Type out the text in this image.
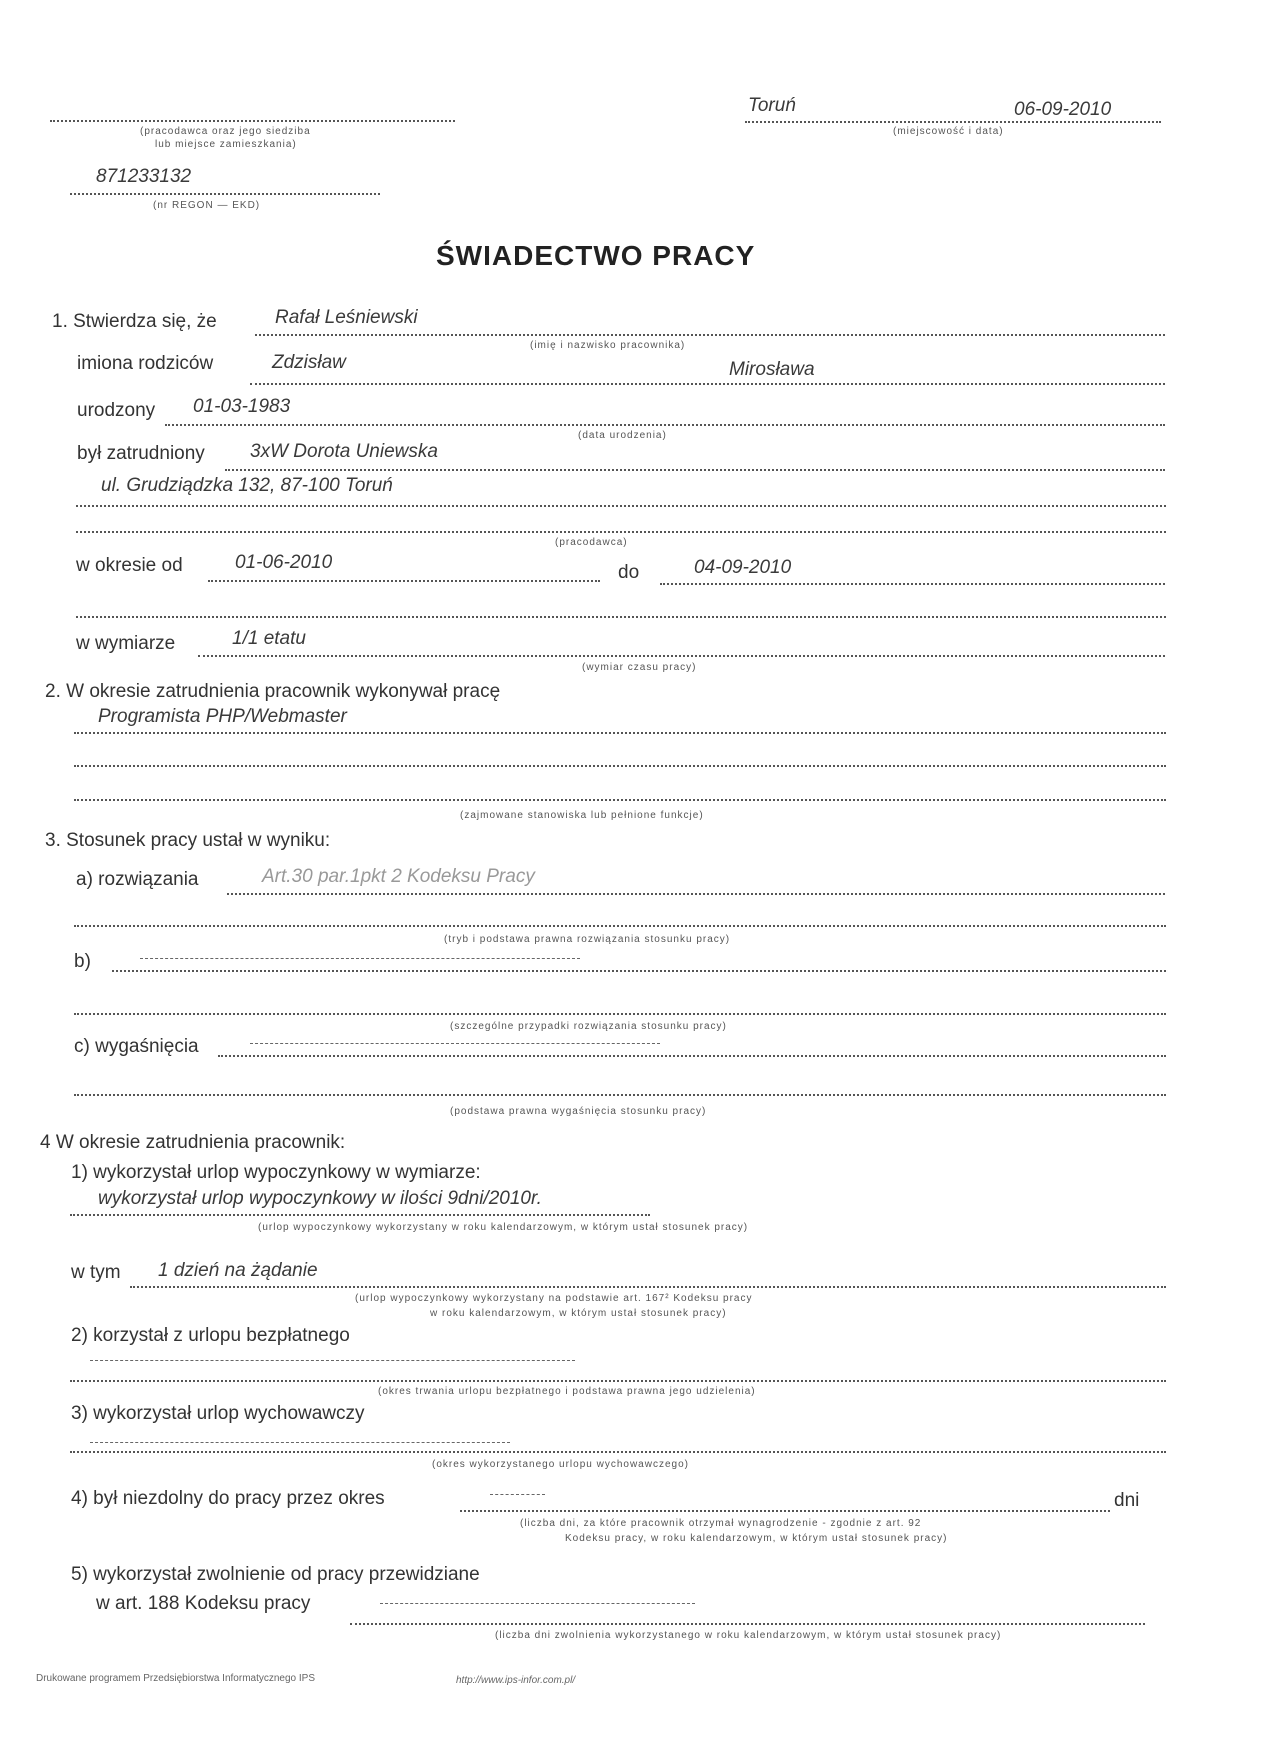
(pracodawca oraz jego siedziba
lub miejsce zamieszkania)
871233132
(nr REGON — EKD)
Toruń	06-09-2010
(miejscowość i data)
ŚWIADECTWO PRACY
1. Stwierdza się, że	Rafał Leśniewski
(imię i nazwisko pracownika)
imiona rodziców	Zdzisław	Mirosława
urodzony 01-03-1983
(data urodzenia)
był zatrudniony 3xW Dorota Uniewska
ul. Grudziądzka 132, 87-100 Toruń
(pracodawca)
w okresie od	01-06-2010	do	04-09-2010
w wymiarze	1/1 etatu
(wymiar czasu pracy)
2. W okresie zatrudnienia pracownik wykonywał pracę
Programista PHP/Webmaster
(zajmowane stanowiska lub pełnione funkcje)
3. Stosunek pracy ustał w wyniku:
a) rozwiązania	Art.30 par.1pkt 2 Kodeksu Pracy
(tryb i podstawa prawna rozwiązania stosunku pracy)
b)
(szczególne przypadki rozwiązania stosunku pracy)
c) wygaśnięcia
(podstawa prawna wygaśnięcia stosunku pracy)
4 W okresie zatrudnienia pracownik:
1) wykorzystał urlop wypoczynkowy w wymiarze:
wykorzystał urlop wypoczynkowy w ilości 9dni/2010r.
(urlop wypoczynkowy wykorzystany w roku kalendarzowym, w którym ustał stosunek pracy)
w tym 1 dzień na żądanie
(urlop wypoczynkowy wykorzystany na podstawie art. 167² Kodeksu pracy
w roku kalendarzowym, w którym ustał stosunek pracy)
2) korzystał z urlopu bezpłatnego
(okres trwania urlopu bezpłatnego i podstawa prawna jego udzielenia)
3) wykorzystał urlop wychowawczy
(okres wykorzystanego urlopu wychowawczego)
4) był niezdolny do pracy przez okres	dni
(liczba dni, za które pracownik otrzymał wynagrodzenie - zgodnie z art. 92
Kodeksu pracy, w roku kalendarzowym, w którym ustał stosunek pracy)
5) wykorzystał zwolnienie od pracy przewidziane
w art. 188 Kodeksu pracy
(liczba dni zwolnienia wykorzystanego w roku kalendarzowym, w którym ustał stosunek pracy)
Drukowane programem Przedsiębiorstwa Informatycznego IPS	http://www.ips-infor.com.pl/
